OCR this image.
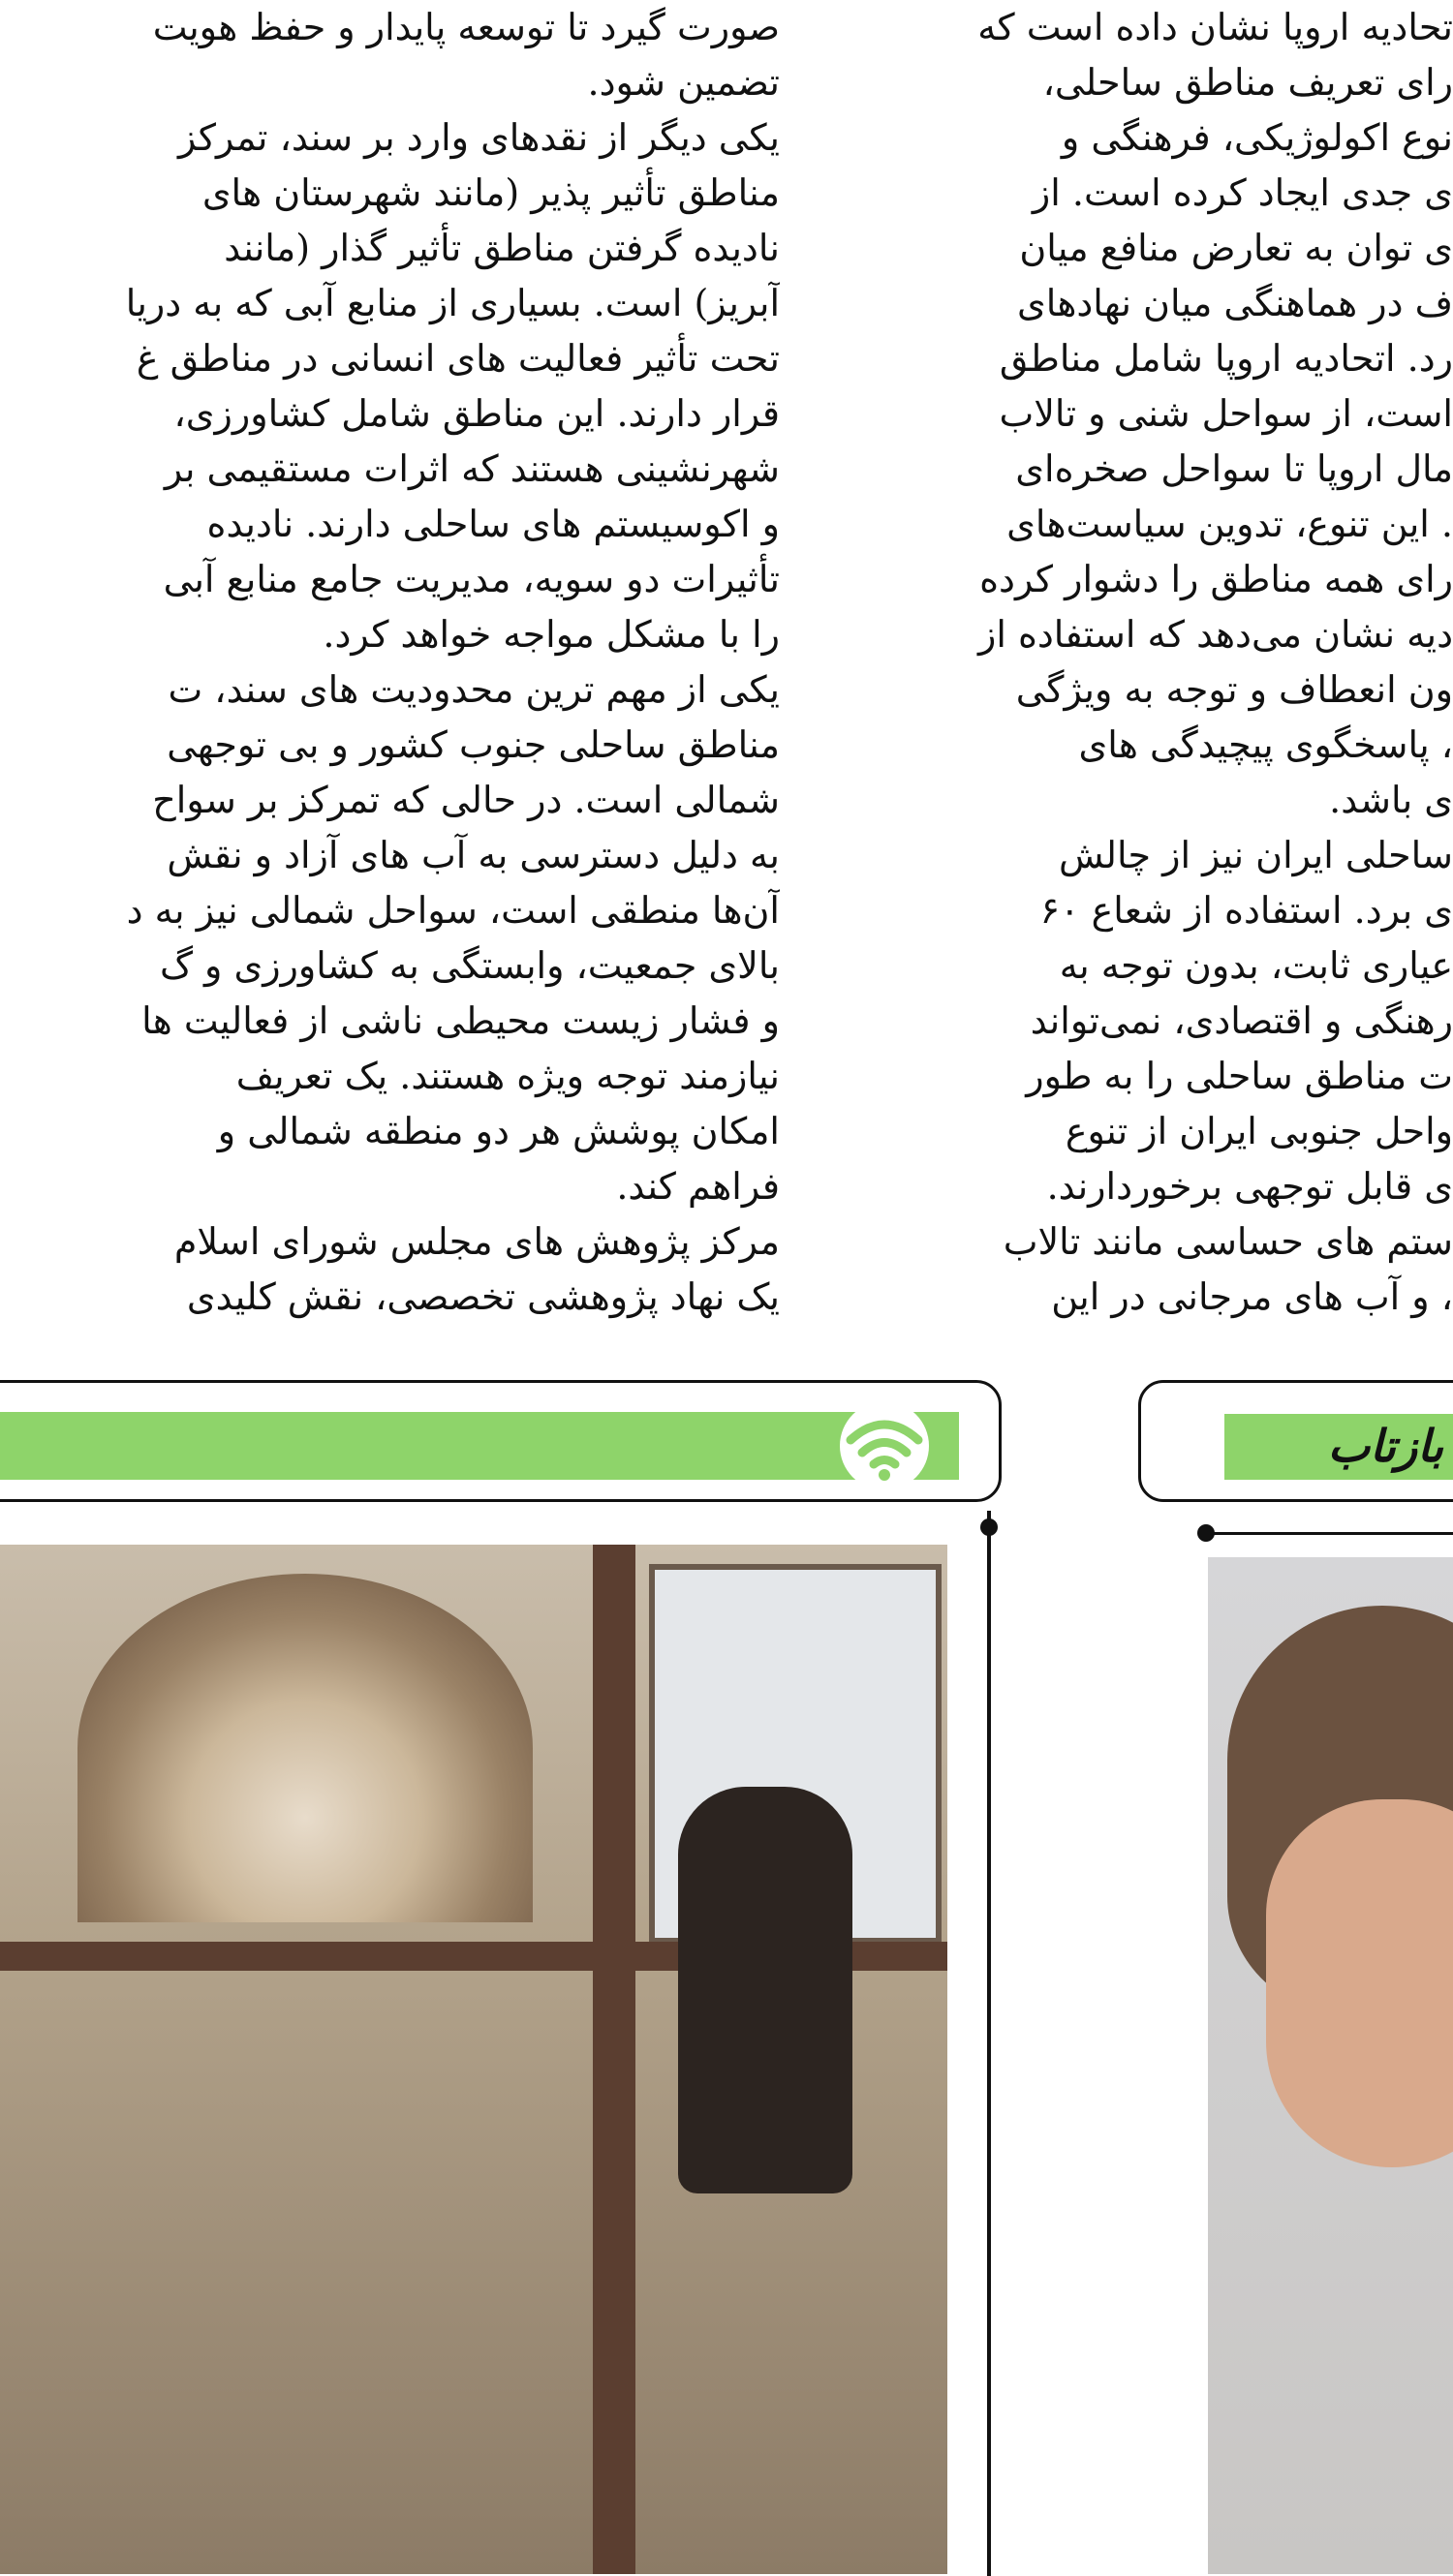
صورت گیرد تا توسعه پایدار و حفظ هویت

تضمین شود.

یکی دیگر از نقدهای وارد بر سند، تمرکز

مناطق تأثیر پذیر (مانند شهرستان های

نادیده گرفتن مناطق تأثیر گذار (مانند

آبریز) است. بسیاری از منابع آبی که به دریا

تحت تأثیر فعالیت های انسانی در مناطق غ

قرار دارند. این مناطق شامل کشاورزی،

شهرنشینی هستند که اثرات مستقیمی بر

و اکوسیستم های ساحلی دارند. نادیده

تأثیرات دو سویه، مدیریت جامع منابع آبی

را با مشکل مواجه خواهد کرد.

یکی از مهم ترین محدودیت های سند، ت

مناطق ساحلی جنوب کشور و بی توجهی

شمالی است. در حالی که تمرکز بر سواح

به دلیل دسترسی به آب های آزاد و نقش

آن‌ها منطقی است، سواحل شمالی نیز به د

بالای جمعیت، وابستگی به کشاورزی و گ

و فشار زیست محیطی ناشی از فعالیت ها

نیازمند توجه ویژه هستند. یک تعریف

امکان پوشش هر دو منطقه شمالی و

فراهم کند.

مرکز پژوهش های مجلس شورای اسلام

یک نهاد پژوهشی تخصصی، نقش کلیدی

تحادیه اروپا نشان داده است که

رای تعریف مناطق ساحلی،

نوع اکولوژیکی، فرهنگی و

ی جدی ایجاد کرده است. از

ی توان به تعارض منافع میان

ف در هماهنگی میان نهادهای

رد. اتحادیه اروپا شامل مناطق

است، از سواحل شنی و تالاب

مال اروپا تا سواحل صخره‌ای

. این تنوع، تدوین سیاست‌های

رای همه مناطق را دشوار کرده

دیه نشان می‌دهد که استفاده از

ون انعطاف و توجه به ویژگی

، پاسخگوی پیچیدگی های

ی باشد.

ساحلی ایران نیز از چالش

ی برد. استفاده از شعاع ۶۰

عیاری ثابت، بدون توجه به

رهنگی و اقتصادی، نمی‌تواند

ت مناطق ساحلی را به طور

واحل جنوبی ایران از تنوع

ی قابل توجهی برخوردارند.

ستم های حساسی مانند تالاب

، و آب های مرجانی در این

بازتاب
